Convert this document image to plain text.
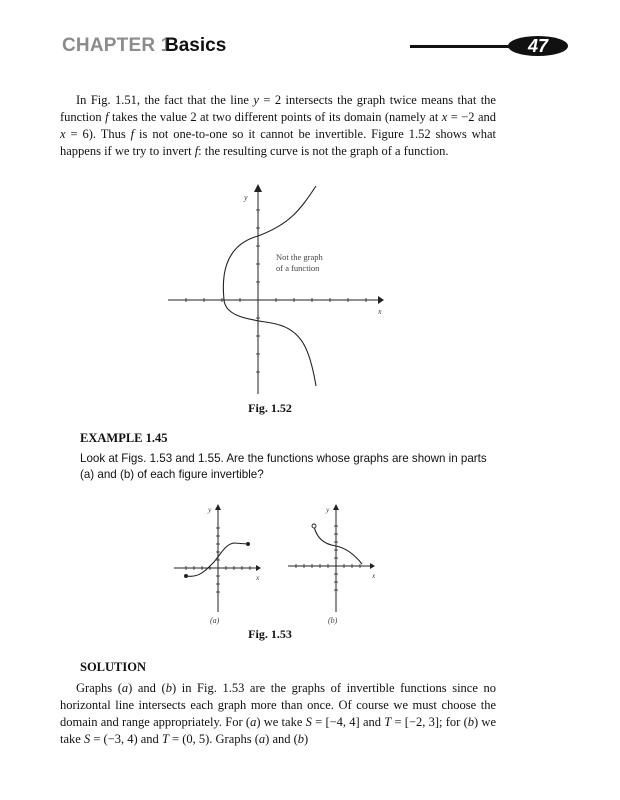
CHAPTER 1
Basics	47

In Fig. 1.51, the fact that the line y = 2 intersects the graph twice means that the function f takes the value 2 at two different points of its domain (namely at x = −2 and x = 6). Thus f is not one-to-one so it cannot be invertible. Figure 1.52 shows what happens if we try to invert f: the resulting curve is not the graph of a function.

y
x
Not the graph
of a function
Fig. 1.52
EXAMPLE 1.45

Look at Figs. 1.53 and 1.55. Are the functions whose graphs are shown in parts (a) and (b) of each figure invertible?

y
x
(a)
y
x
(b)
Fig. 1.53
SOLUTION

Graphs (a) and (b) in Fig. 1.53 are the graphs of invertible functions since no horizontal line intersects each graph more than once. Of course we must choose the domain and range appropriately. For (a) we take S = [−4, 4] and T = [−2, 3]; for (b) we take S = (−3, 4) and T = (0, 5). Graphs (a) and (b)
